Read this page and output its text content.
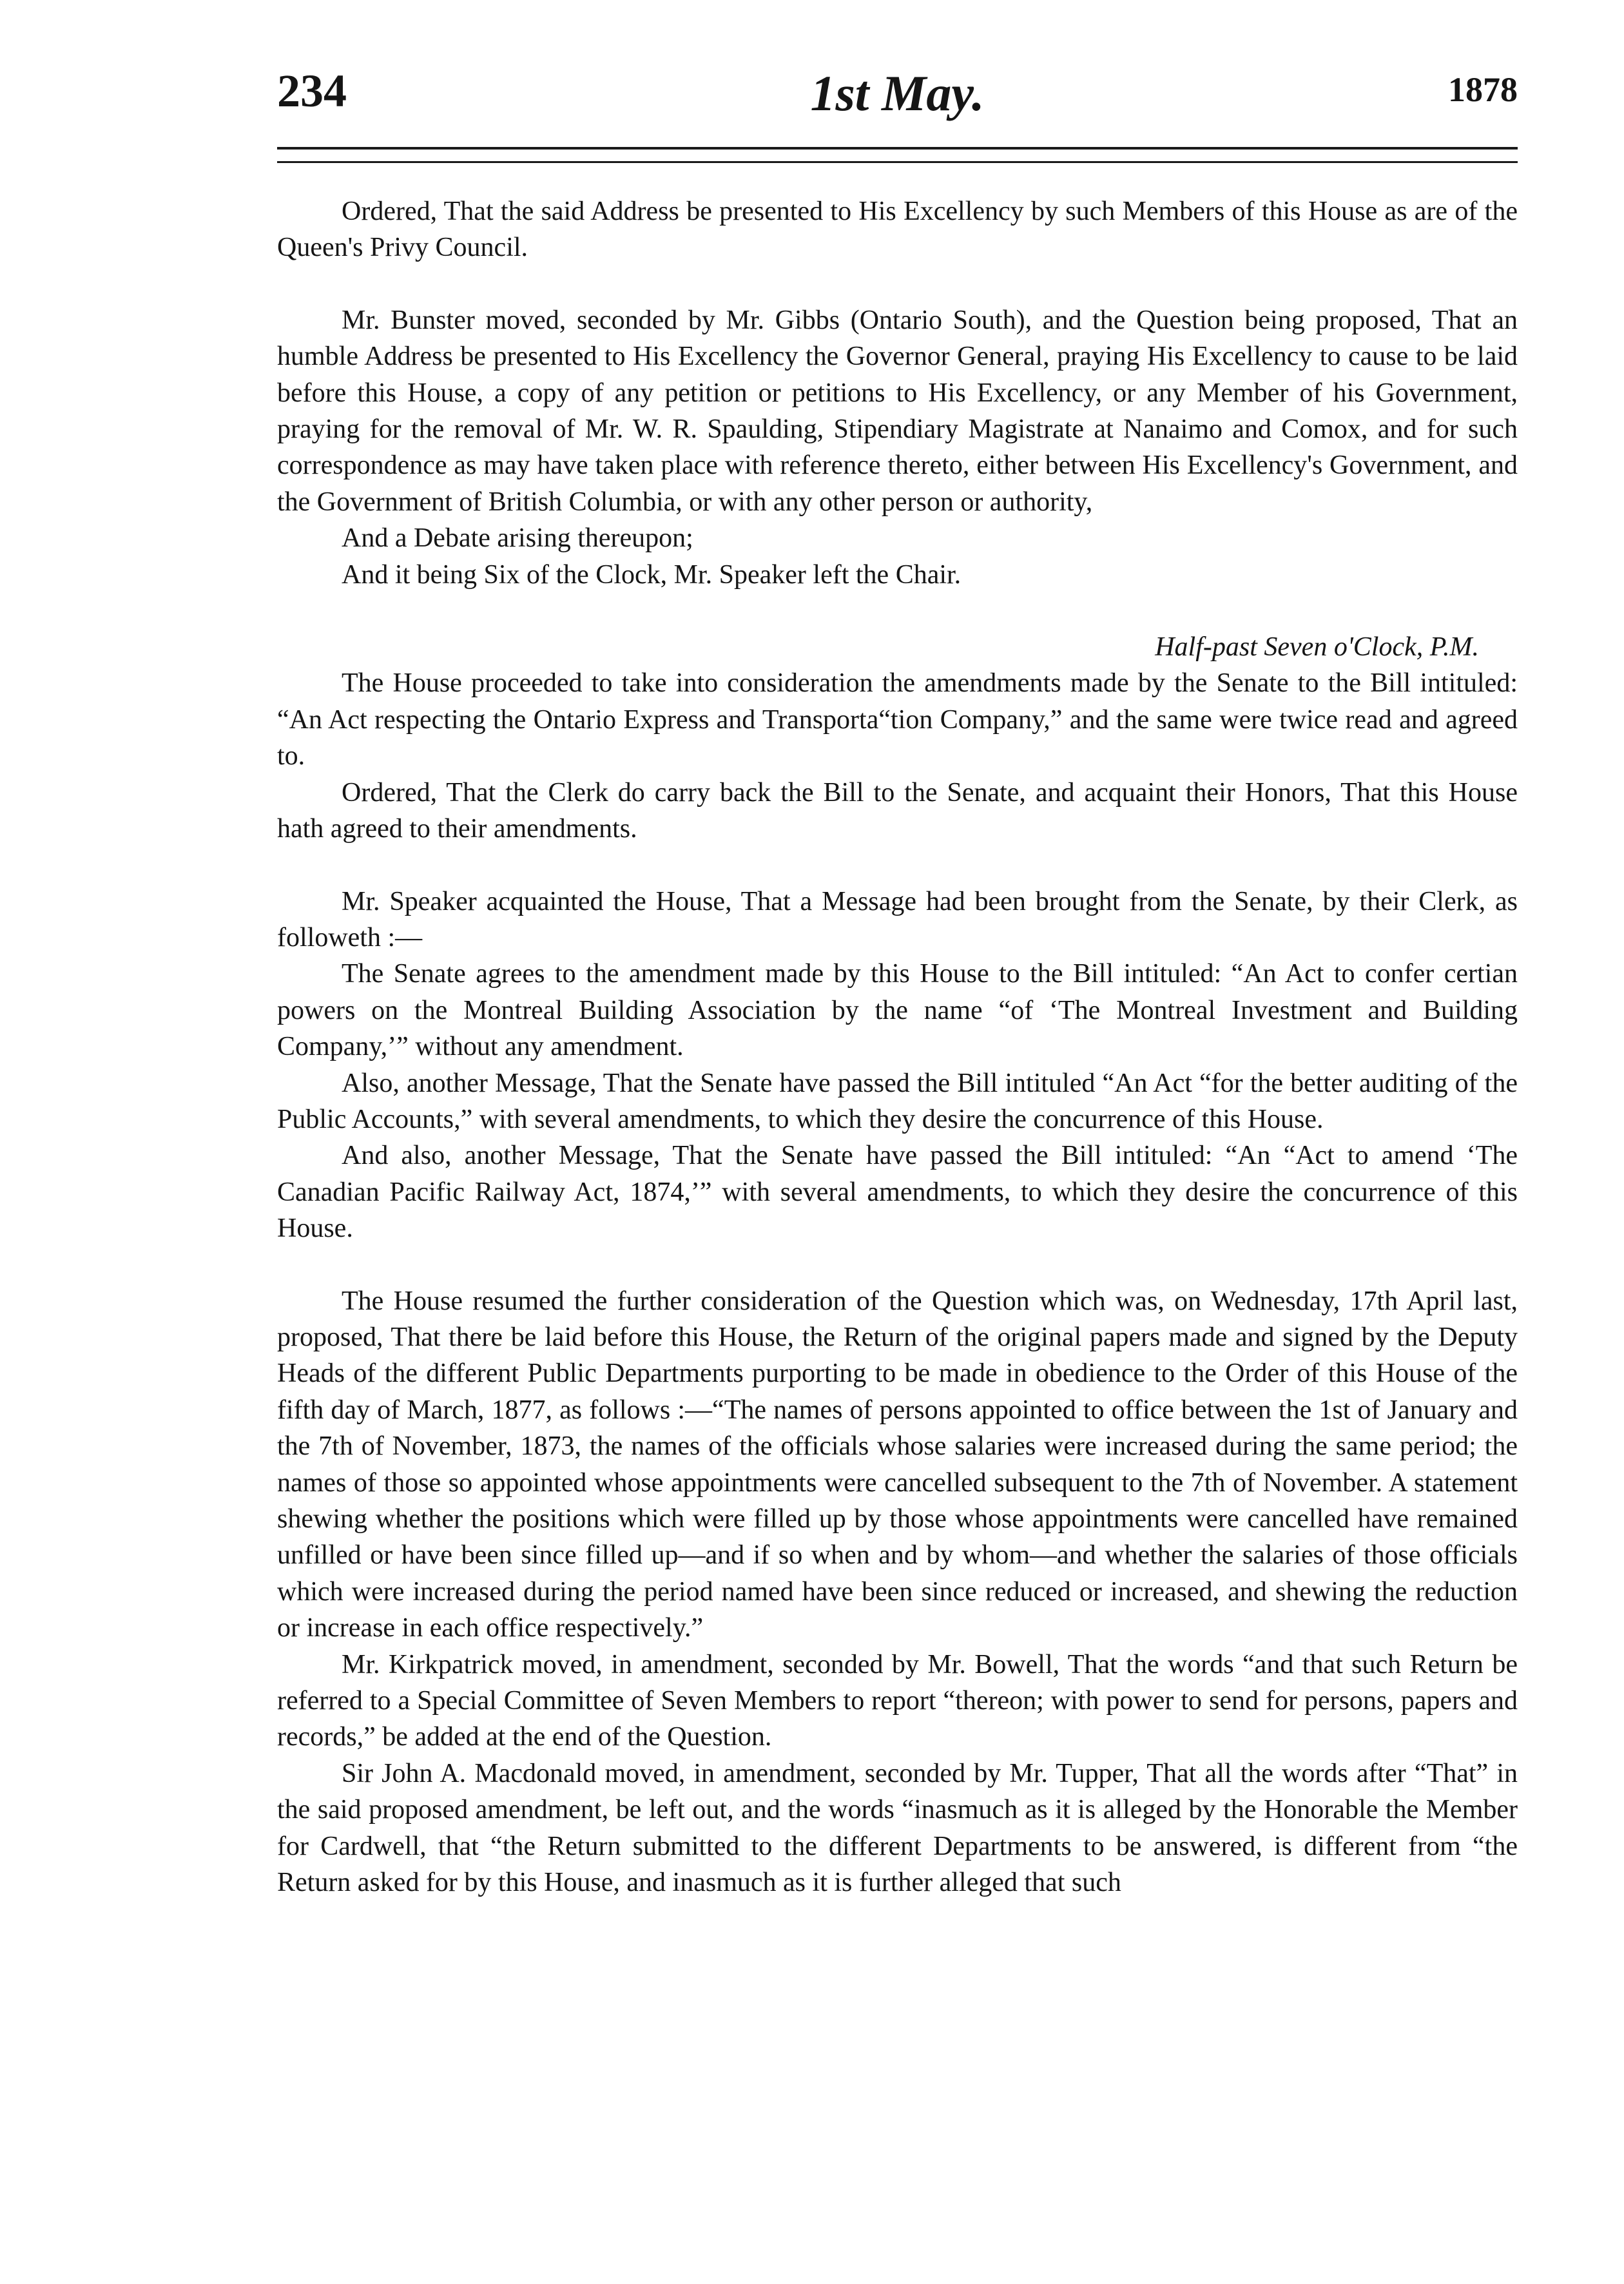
234	1st May.	1878

Ordered, That the said Address be presented to His Excellency by such Members of this House as are of the Queen's Privy Council.

Mr. Bunster moved, seconded by Mr. Gibbs (Ontario South), and the Question being proposed, That an humble Address be presented to His Excellency the Governor General, praying His Excellency to cause to be laid before this House, a copy of any petition or petitions to His Excellency, or any Member of his Government, praying for the removal of Mr. W. R. Spaulding, Stipendiary Magistrate at Nanaimo and Comox, and for such correspondence as may have taken place with reference thereto, either between His Excellency's Government, and the Government of British Columbia, or with any other person or authority,

And a Debate arising thereupon;

And it being Six of the Clock, Mr. Speaker left the Chair.

Half-past Seven o'Clock, P.M.

The House proceeded to take into consideration the amendments made by the Senate to the Bill intituled: “An Act respecting the Ontario Express and Transporta“tion Company,” and the same were twice read and agreed to.

Ordered, That the Clerk do carry back the Bill to the Senate, and acquaint their Honors, That this House hath agreed to their amendments.

Mr. Speaker acquainted the House, That a Message had been brought from the Senate, by their Clerk, as followeth :—

The Senate agrees to the amendment made by this House to the Bill intituled: “An Act to confer certian powers on the Montreal Building Association by the name “of ‘The Montreal Investment and Building Company,’” without any amendment.

Also, another Message, That the Senate have passed the Bill intituled “An Act “for the better auditing of the Public Accounts,” with several amendments, to which they desire the concurrence of this House.

And also, another Message, That the Senate have passed the Bill intituled: “An “Act to amend ‘The Canadian Pacific Railway Act, 1874,’” with several amendments, to which they desire the concurrence of this House.

The House resumed the further consideration of the Question which was, on Wednesday, 17th April last, proposed, That there be laid before this House, the Return of the original papers made and signed by the Deputy Heads of the different Public Departments purporting to be made in obedience to the Order of this House of the fifth day of March, 1877, as follows :—“The names of persons appointed to office between the 1st of January and the 7th of November, 1873, the names of the officials whose salaries were increased during the same period; the names of those so appointed whose appointments were cancelled subsequent to the 7th of November. A statement shewing whether the positions which were filled up by those whose appointments were cancelled have remained unfilled or have been since filled up—and if so when and by whom—and whether the salaries of those officials which were increased during the period named have been since reduced or increased, and shewing the reduction or increase in each office respectively.”

Mr. Kirkpatrick moved, in amendment, seconded by Mr. Bowell, That the words “and that such Return be referred to a Special Committee of Seven Members to report “thereon; with power to send for persons, papers and records,” be added at the end of the Question.

Sir John A. Macdonald moved, in amendment, seconded by Mr. Tupper, That all the words after “That” in the said proposed amendment, be left out, and the words “inasmuch as it is alleged by the Honorable the Member for Cardwell, that “the Return submitted to the different Departments to be answered, is different from “the Return asked for by this House, and inasmuch as it is further alleged that such
